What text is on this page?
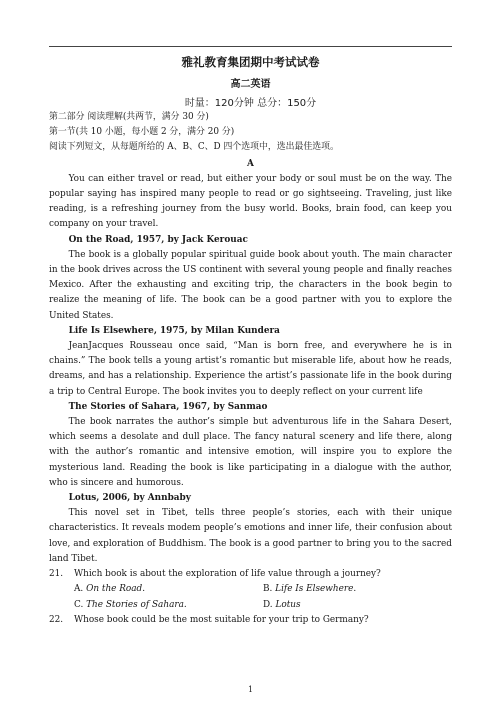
雅礼教育集团期中考试试卷
高二英语
时量：120分钟 总分：150分
第二部分 阅读理解(共两节，满分 30 分)
第一节(共 10 小题，每小题 2 分，满分 20 分)
阅读下列短文，从每题所给的 A、B、C、D 四个选项中，选出最佳选项。
A

You can either travel or read, but either your body or soul must be on the way. The popular saying has inspired many people to read or go sightseeing. Traveling, just like reading, is a refreshing journey from the busy world. Books, brain food, can keep you company on your travel.

On the Road, 1957, by Jack Kerouac

The book is a globally popular spiritual guide book about youth. The main character in the book drives across the US continent with several young people and finally reaches Mexico. After the exhausting and exciting trip, the characters in the book begin to realize the meaning of life. The book can be a good partner with you to explore the United States.

Life Is Elsewhere, 1975, by Milan Kundera

JeanJacques Rousseau once said, “Man is born free, and everywhere he is in chains.” The book tells a young artist’s romantic but miserable life, about how he reads, dreams, and has a relationship. Experience the artist’s passionate life in the book during a trip to Central Europe. The book invites you to deeply reflect on your current life

The Stories of Sahara, 1967, by Sanmao

The book narrates the author’s simple but adventurous life in the Sahara Desert, which seems a desolate and dull place. The fancy natural scenery and life there, along with the author’s romantic and intensive emotion, will inspire you to explore the mysterious land. Reading the book is like participating in a dialogue with the author, who is sincere and humorous.

Lotus, 2006, by Annbaby

This novel set in Tibet, tells three people’s stories, each with their unique characteristics. It reveals modem people’s emotions and inner life, their confusion about love, and exploration of Buddhism. The book is a good partner to bring you to the sacred land Tibet.

21. Which book is about the exploration of life value through a journey?
A. On the Road.	B. Life Is Elsewhere.
C. The Stories of Sahara.	D. Lotus
22. Whose book could be the most suitable for your trip to Germany?
1
